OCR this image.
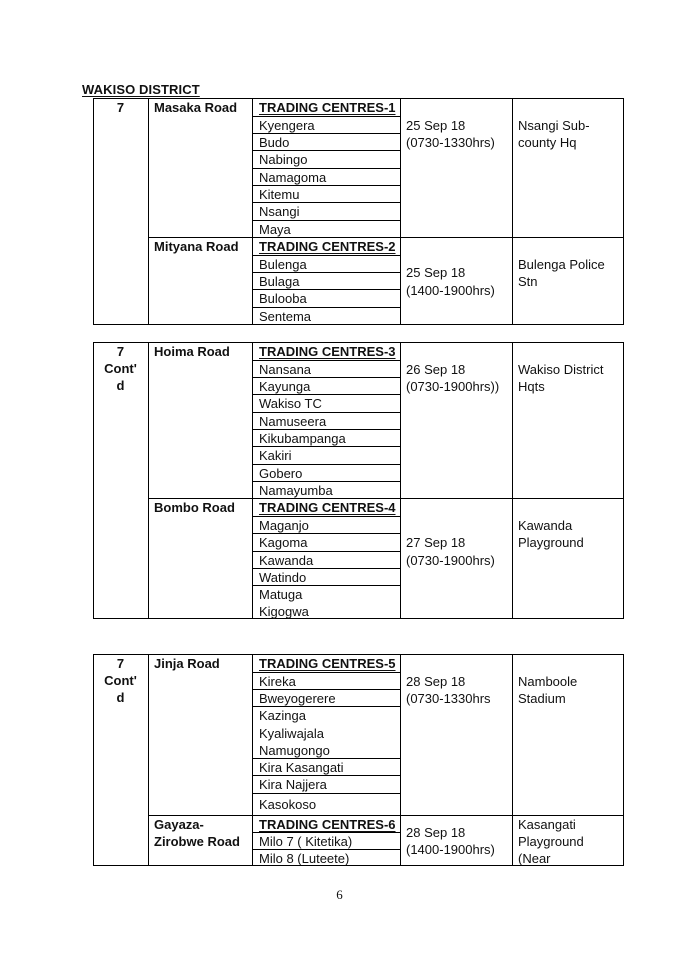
WAKISO DISTRICT
7	Masaka Road TRADING CENTRES-1
Kyengera
Budo
Nabingo
Namagoma
Kitemu
Nsangi
Maya
25 Sep 18
(0730-1330hrs)
Nsangi Sub-
county Hq
Mityana Road TRADING CENTRES-2
Bulenga
Bulaga
Bulooba
Sentema
25 Sep 18
(1400-1900hrs)
Bulenga Police
Stn
7
Cont'
d
Hoima Road TRADING CENTRES-3
Nansana
Kayunga
Wakiso TC
Namuseera
Kikubampanga
Kakiri
Gobero
Namayumba
26 Sep 18
(0730-1900hrs))
Wakiso District
Hqts
Bombo Road TRADING CENTRES-4
Maganjo
Kagoma
Kawanda
Watindo
Matuga
Kigogwa
27 Sep 18
(0730-1900hrs)
Kawanda
Playground
7
Cont'
d
Jinja Road	TRADING CENTRES-5
Kireka
Bweyogerere
Kazinga
Kyaliwajala
Namugongo
Kira Kasangati
Kira Najjera
Kasokoso
28 Sep 18
(0730-1330hrs
Namboole
Stadium
Gayaza-
Zirobwe Road
TRADING CENTRES-6
Milo 7 ( Kitetika)
Milo 8 (Luteete)
28 Sep 18
(1400-1900hrs)
Kasangati
Playground
(Near
6
